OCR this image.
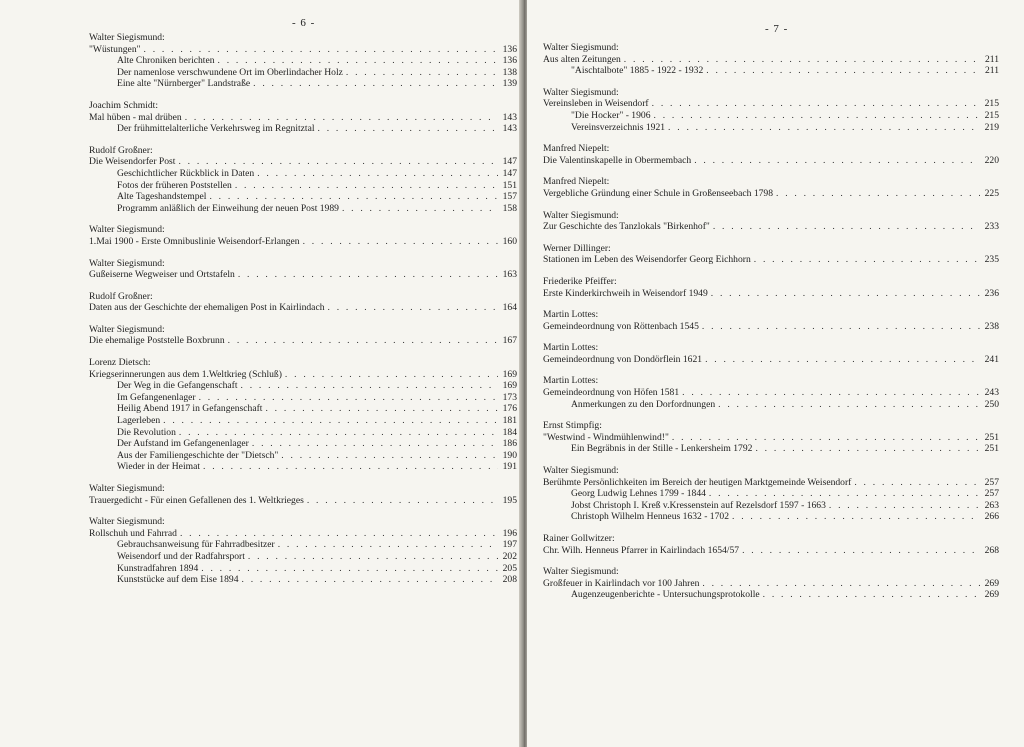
- 6 -
Walter Siegismund:
"Wüstungen" . . .	136
Alte Chroniken berichten . . .	136
Der namenlose verschwundene Ort im Oberlindacher Holz . . .	138
Eine alte "Nürnberger" Landstraße . . .	139
Joachim Schmidt:
Mal hüben - mal drüben . . .	143
Der frühmittelalterliche Verkehrsweg im Regnitztal . . .	143
Rudolf Großner:
Die Weisendorfer Post . . .	147
Geschichtlicher Rückblick in Daten . . .	147
Fotos der früheren Poststellen . . .	151
Alte Tageshandstempel . . .	157
Programm anläßlich der Einweihung der neuen Post 1989 . . .	158
Walter Siegismund:
1.Mai 1900 - Erste Omnibuslinie Weisendorf-Erlangen . . .	160
Walter Siegismund:
Gußeiserne Wegweiser und Ortstafeln . . .	163
Rudolf Großner:
Daten aus der Geschichte der ehemaligen Post in Kairlindach . . .	164
Walter Siegismund:
Die ehemalige Poststelle Boxbrunn . . .	167
Lorenz Dietsch:
Kriegserinnerungen aus dem 1.Weltkrieg (Schluß) . . .	169
Der Weg in die Gefangenschaft . . .	169
Im Gefangenenlager . . .	173
Heilig Abend 1917 in Gefangenschaft . . .	176
Lagerleben . . .	181
Die Revolution . . .	184
Der Aufstand im Gefangenenlager . . .	186
Aus der Familiengeschichte der "Dietsch" . . .	190
Wieder in der Heimat . . .	191
Walter Siegismund:
Trauergedicht - Für einen Gefallenen des 1. Weltkrieges . . .	195
Walter Siegismund:
Rollschuh und Fahrrad . . .	196
Gebrauchsanweisung für Fahrradbesitzer . . .	197
Weisendorf und der Radfahrsport . . .	202
Kunstradfahren 1894 . . .	205
Kunststücke auf dem Eise 1894 . . .	208
- 7 -
Walter Siegismund:
Aus alten Zeitungen . . .	211
"Aischtalbote" 1885 - 1922 - 1932 . . .	211
Walter Siegismund:
Vereinsleben in Weisendorf . . .	215
"Die Hocker" - 1906 . . .	215
Vereinsverzeichnis 1921 . . .	219
Manfred Niepelt:
Die Valentinskapelle in Obermembach . . .	220
Manfred Niepelt:
Vergebliche Gründung einer Schule in Großenseebach 1798 . . .	225
Walter Siegismund:
Zur Geschichte des Tanzlokals "Birkenhof" . . .	233
Werner Dillinger:
Stationen im Leben des Weisendorfer Georg Eichhorn . . .	235
Friederike Pfeiffer:
Erste Kinderkirchweih in Weisendorf 1949 . . .	236
Martin Lottes:
Gemeindeordnung von Röttenbach 1545 . . .	238
Martin Lottes:
Gemeindeordnung von Dondörflein 1621 . . .	241
Martin Lottes:
Gemeindeordnung von Höfen 1581 . . .	243
Anmerkungen zu den Dorfordnungen . . .	250
Ernst Stimpfig:
"Westwind - Windmühlenwind!" . . .	251
Ein Begräbnis in der Stille - Lenkersheim 1792 . . .	251
Walter Siegismund:
Berühmte Persönlichkeiten im Bereich der heutigen Marktgemeinde Weisendorf . . .	257
Georg Ludwig Lehnes 1799 - 1844 . . .	257
Jobst Christoph I. Kreß v.Kressenstein auf Rezelsdorf 1597 - 1663 . . .	263
Christoph Wilhelm Henneus 1632 - 1702 . . .	266
Rainer Gollwitzer:
Chr. Wilh. Henneus Pfarrer in Kairlindach 1654/57 . . .	268
Walter Siegismund:
Großfeuer in Kairlindach vor 100 Jahren . . .	269
Augenzeugenberichte - Untersuchungsprotokolle . . .	269
